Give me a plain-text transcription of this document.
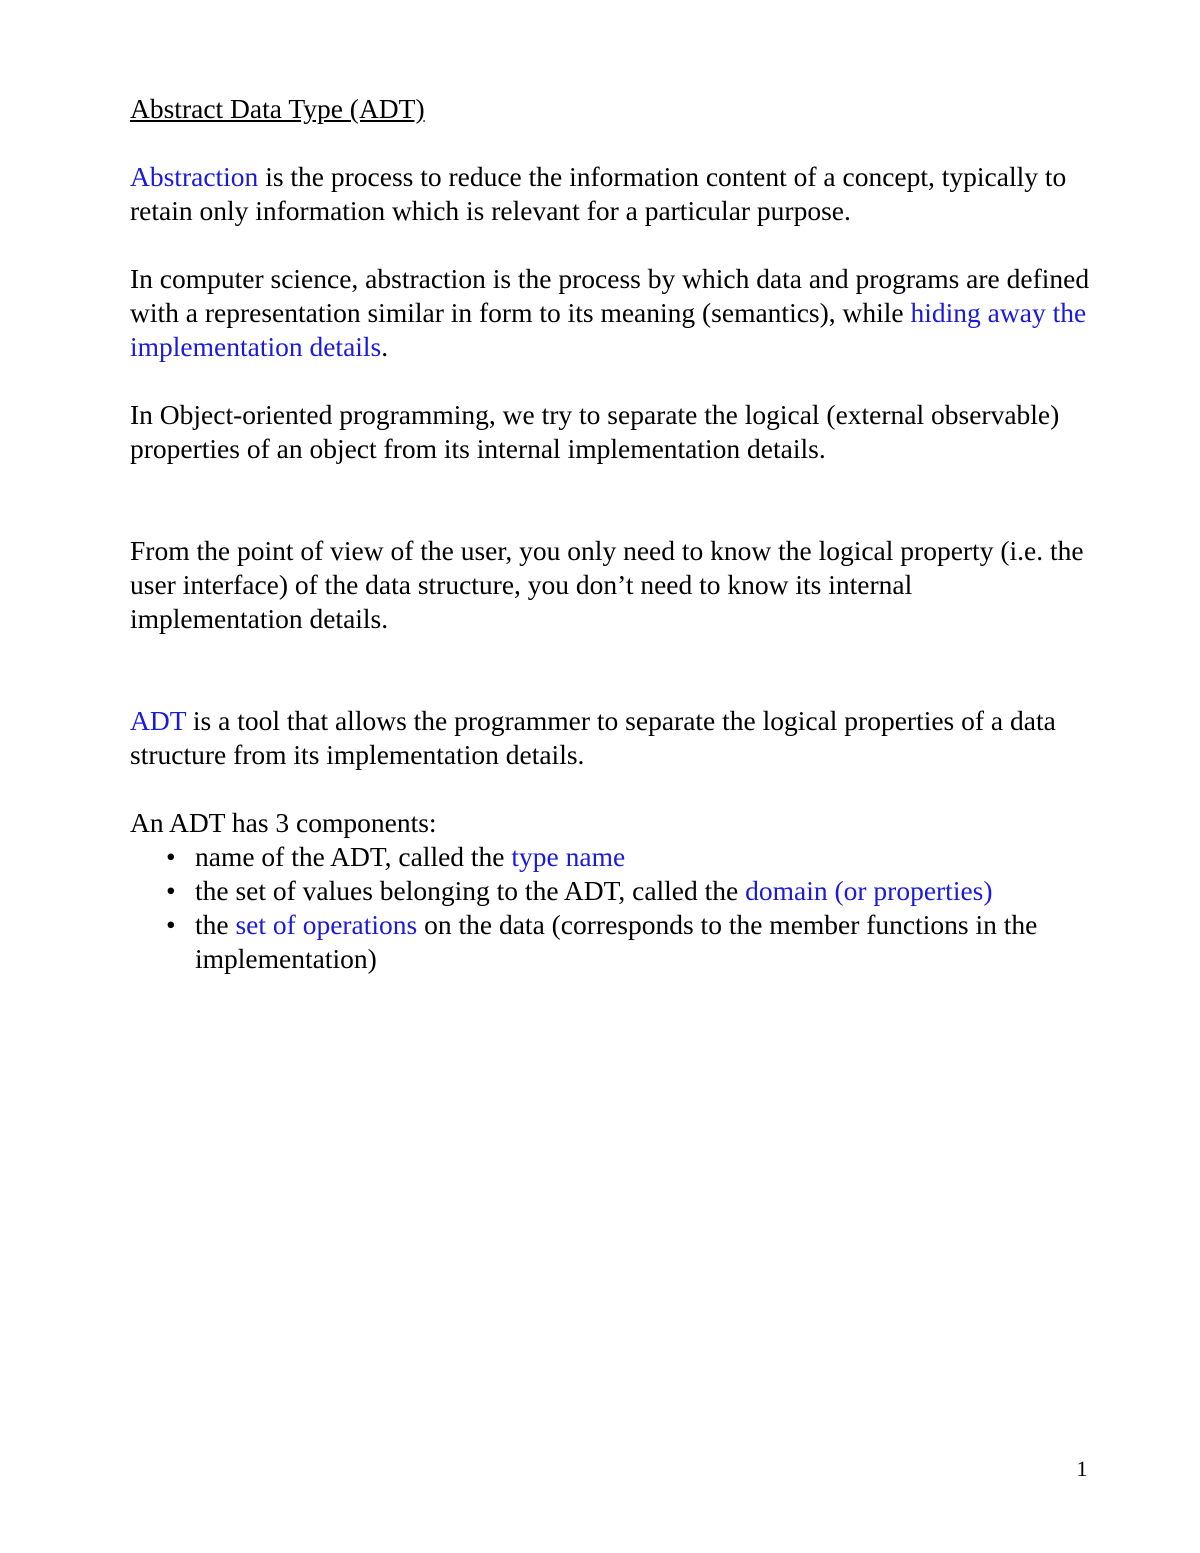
Abstract Data Type (ADT)

Abstraction is the process to reduce the information content of a concept, typically to retain only information which is relevant for a particular purpose.

In computer science, abstraction is the process by which data and programs are defined with a representation similar in form to its meaning (semantics), while hiding away the implementation details.

In Object-oriented programming, we try to separate the logical (external observable) properties of an object from its internal implementation details.

From the point of view of the user, you only need to know the logical property (i.e. the user interface) of the data structure, you don’t need to know its internal implementation details.

ADT is a tool that allows the programmer to separate the logical properties of a data structure from its implementation details.

An ADT has 3 components:
• name of the ADT, called the type name
• the set of values belonging to the ADT, called the domain (or properties)
• the set of operations on the data (corresponds to the member functions in the implementation)
1
